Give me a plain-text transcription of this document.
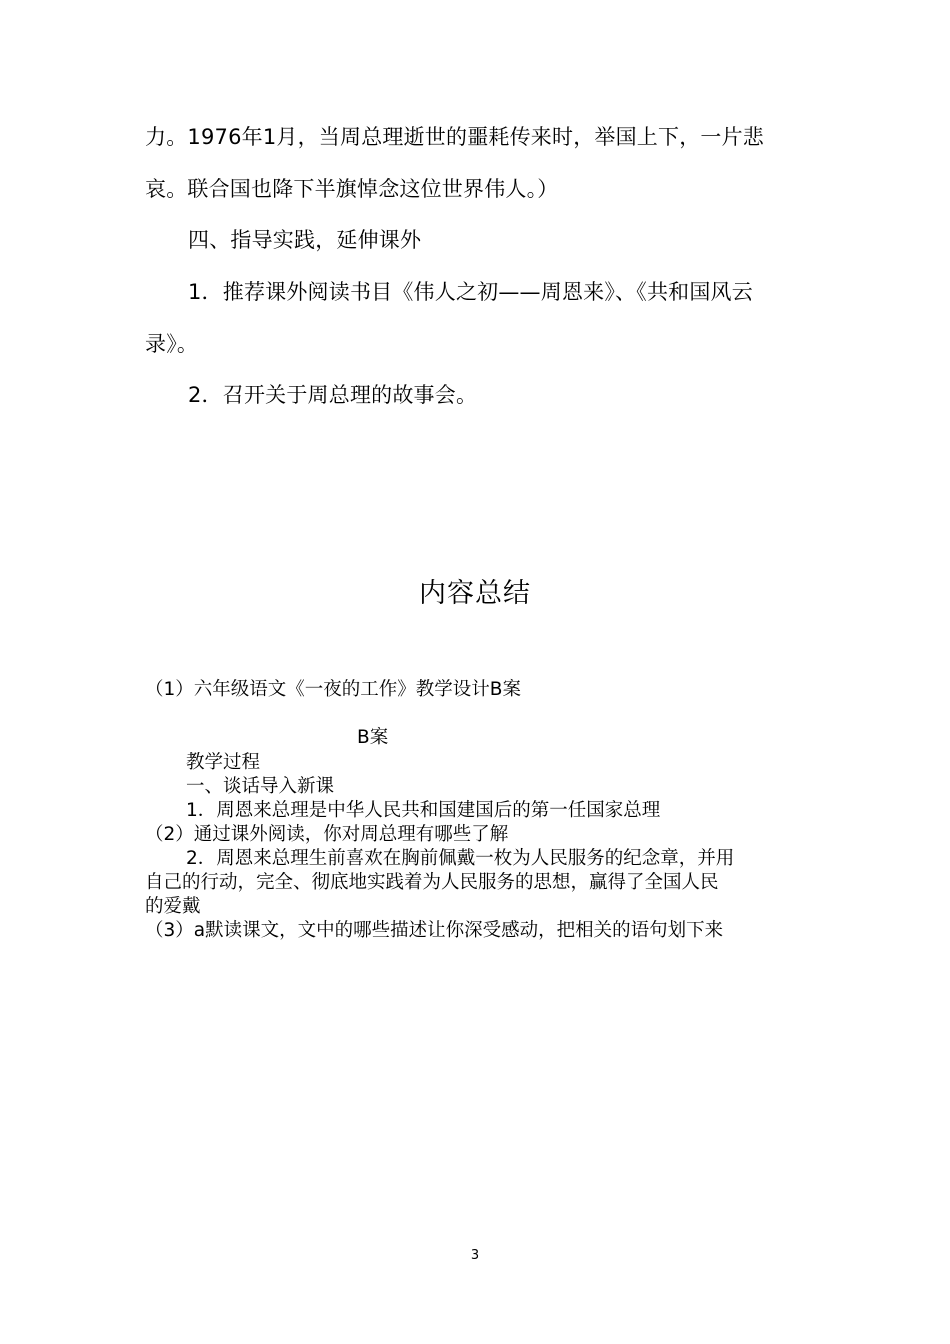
力。1976年1月，当周总理逝世的噩耗传来时，举国上下，一片悲
哀。联合国也降下半旗悼念这位世界伟人。）
四、指导实践，延伸课外
1．推荐课外阅读书目《伟人之初——周恩来》、《共和国风云
录》。
2．召开关于周总理的故事会。
内容总结
（1）六年级语文《一夜的工作》教学设计B案
B案
教学过程
一、谈话导入新课
1．周恩来总理是中华人民共和国建国后的第一任国家总理
（2）通过课外阅读，你对周总理有哪些了解
2．周恩来总理生前喜欢在胸前佩戴一枚为人民服务的纪念章，并用
自己的行动，完全、彻底地实践着为人民服务的思想，赢得了全国人民
的爱戴
（3）a默读课文，文中的哪些描述让你深受感动，把相关的语句划下来
3
